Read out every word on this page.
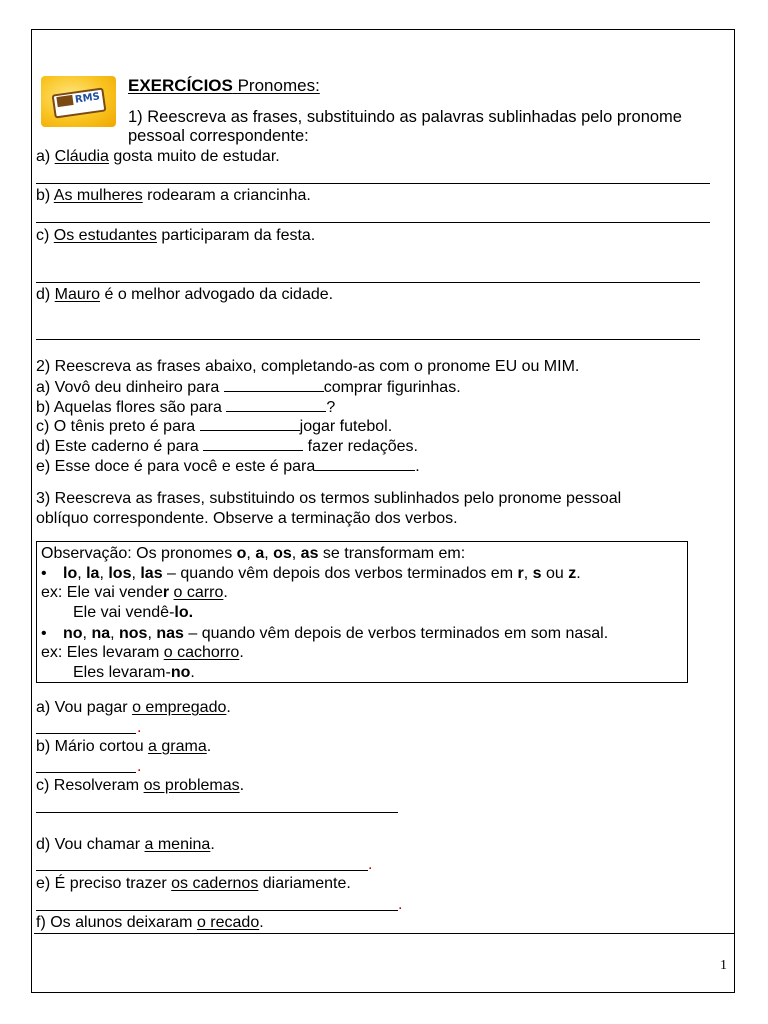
RMS
EXERCÍCIOS Pronomes:
1) Reescreva as frases, substituindo as palavras sublinhadas pelo pronome
pessoal correspondente:
a) Cláudia gosta muito de estudar.
b) As mulheres rodearam a criancinha.
c) Os estudantes participaram da festa.
d) Mauro é o melhor advogado da cidade.
2) Reescreva as frases abaixo, completando-as com o pronome EU ou MIM.
a) Vovô deu dinheiro para	comprar figurinhas.
b) Aquelas flores são para	?
c) O tênis preto é para	jogar futebol.
d) Este caderno é para	fazer redações.
e) Esse doce é para você e este é para	.
3) Reescreva as frases, substituindo os termos sublinhados pelo pronome pessoal
oblíquo correspondente. Observe a terminação dos verbos.
Observação: Os pronomes o, a, os, as se transformam em:
• lo, la, los, las – quando vêm depois dos verbos terminados em r, s ou z.
ex: Ele vai vender o carro.
Ele vai vendê-lo.
• no, na, nos, nas – quando vêm depois de verbos terminados em som nasal.
ex: Eles levaram o cachorro.
Eles levaram-no.
a) Vou pagar o empregado.
.
b) Mário cortou a grama.
.
c) Resolveram os problemas.
d) Vou chamar a menina.
.
e) É preciso trazer os cadernos diariamente.
.
f) Os alunos deixaram o recado.
1
